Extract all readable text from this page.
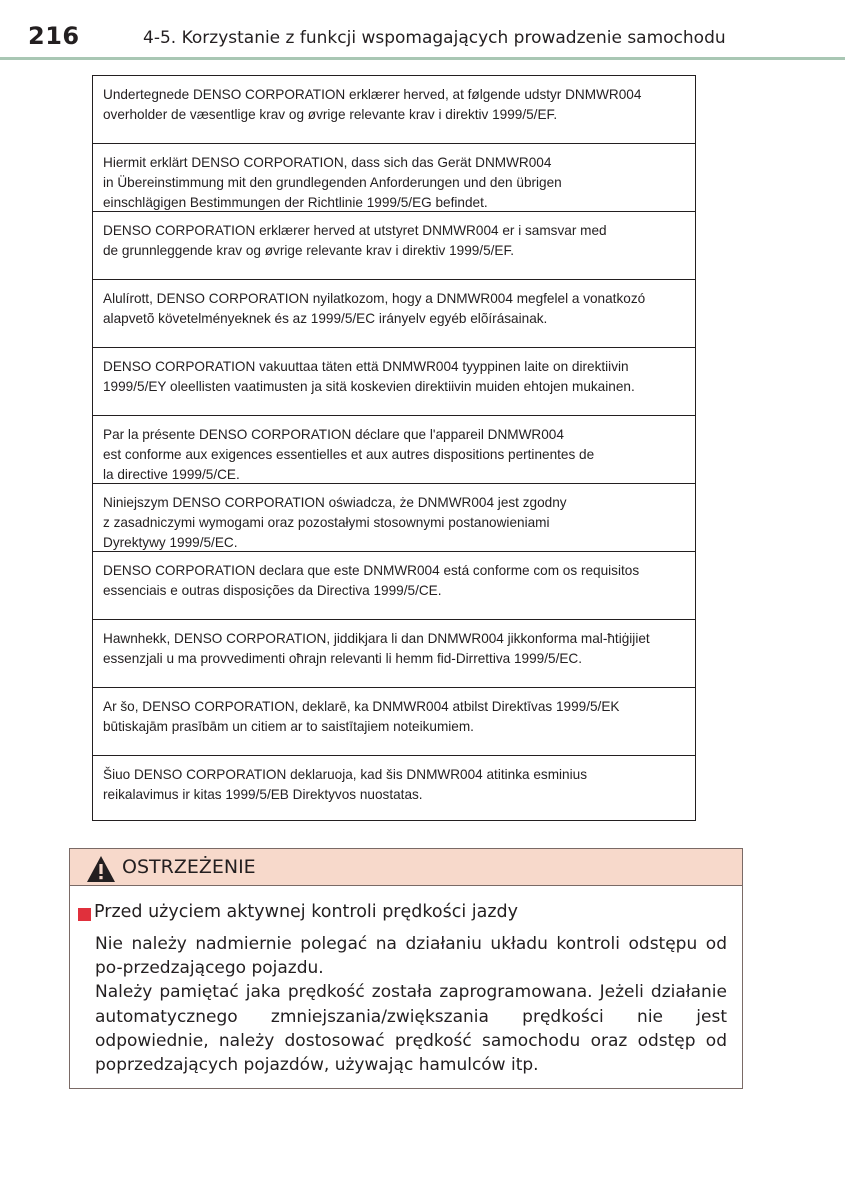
216	4-5. Korzystanie z funkcji wspomagających prowadzenie samochodu
Undertegnede DENSO CORPORATION erklærer herved, at følgende udstyr DNMWR004
overholder de væsentlige krav og øvrige relevante krav i direktiv 1999/5/EF.
Hiermit erklärt DENSO CORPORATION, dass sich das Gerät DNMWR004
in Übereinstimmung mit den grundlegenden Anforderungen und den übrigen
einschlägigen Bestimmungen der Richtlinie 1999/5/EG befindet.
DENSO CORPORATION erklærer herved at utstyret DNMWR004 er i samsvar med
de grunnleggende krav og øvrige relevante krav i direktiv 1999/5/EF.
Alulírott, DENSO CORPORATION nyilatkozom, hogy a DNMWR004 megfelel a vonatkozó
alapvetõ követelményeknek és az 1999/5/EC irányelv egyéb elõírásainak.
DENSO CORPORATION vakuuttaa täten että DNMWR004 tyyppinen laite on direktiivin
1999/5/EY oleellisten vaatimusten ja sitä koskevien direktiivin muiden ehtojen mukainen.
Par la présente DENSO CORPORATION déclare que l'appareil DNMWR004
est conforme aux exigences essentielles et aux autres dispositions pertinentes de
la directive 1999/5/CE.
Niniejszym DENSO CORPORATION oświadcza, że DNMWR004 jest zgodny
z zasadniczymi wymogami oraz pozostałymi stosownymi postanowieniami
Dyrektywy 1999/5/EC.
DENSO CORPORATION declara que este DNMWR004 está conforme com os requisitos
essenciais e outras disposições da Directiva 1999/5/CE.
Hawnhekk, DENSO CORPORATION, jiddikjara li dan DNMWR004 jikkonforma mal-ħtiġijiet
essenzjali u ma provvedimenti oħrajn relevanti li hemm fid-Dirrettiva 1999/5/EC.
Ar šo, DENSO CORPORATION, deklarē, ka DNMWR004 atbilst Direktīvas 1999/5/EK
būtiskajām prasībām un citiem ar to saistītajiem noteikumiem.
Šiuo DENSO CORPORATION deklaruoja, kad šis DNMWR004 atitinka esminius
reikalavimus ir kitas 1999/5/EB Direktyvos nuostatas.
OSTRZEŻENIE
Przed użyciem aktywnej kontroli prędkości jazdy

Nie należy nadmiernie polegać na działaniu układu kontroli odstępu od po-przedzającego pojazdu.

Należy pamiętać jaka prędkość została zaprogramowana. Jeżeli działanie automatycznego zmniejszania/zwiększania prędkości nie jest odpowiednie, należy dostosować prędkość samochodu oraz odstęp od poprzedzających pojazdów, używając hamulców itp.
